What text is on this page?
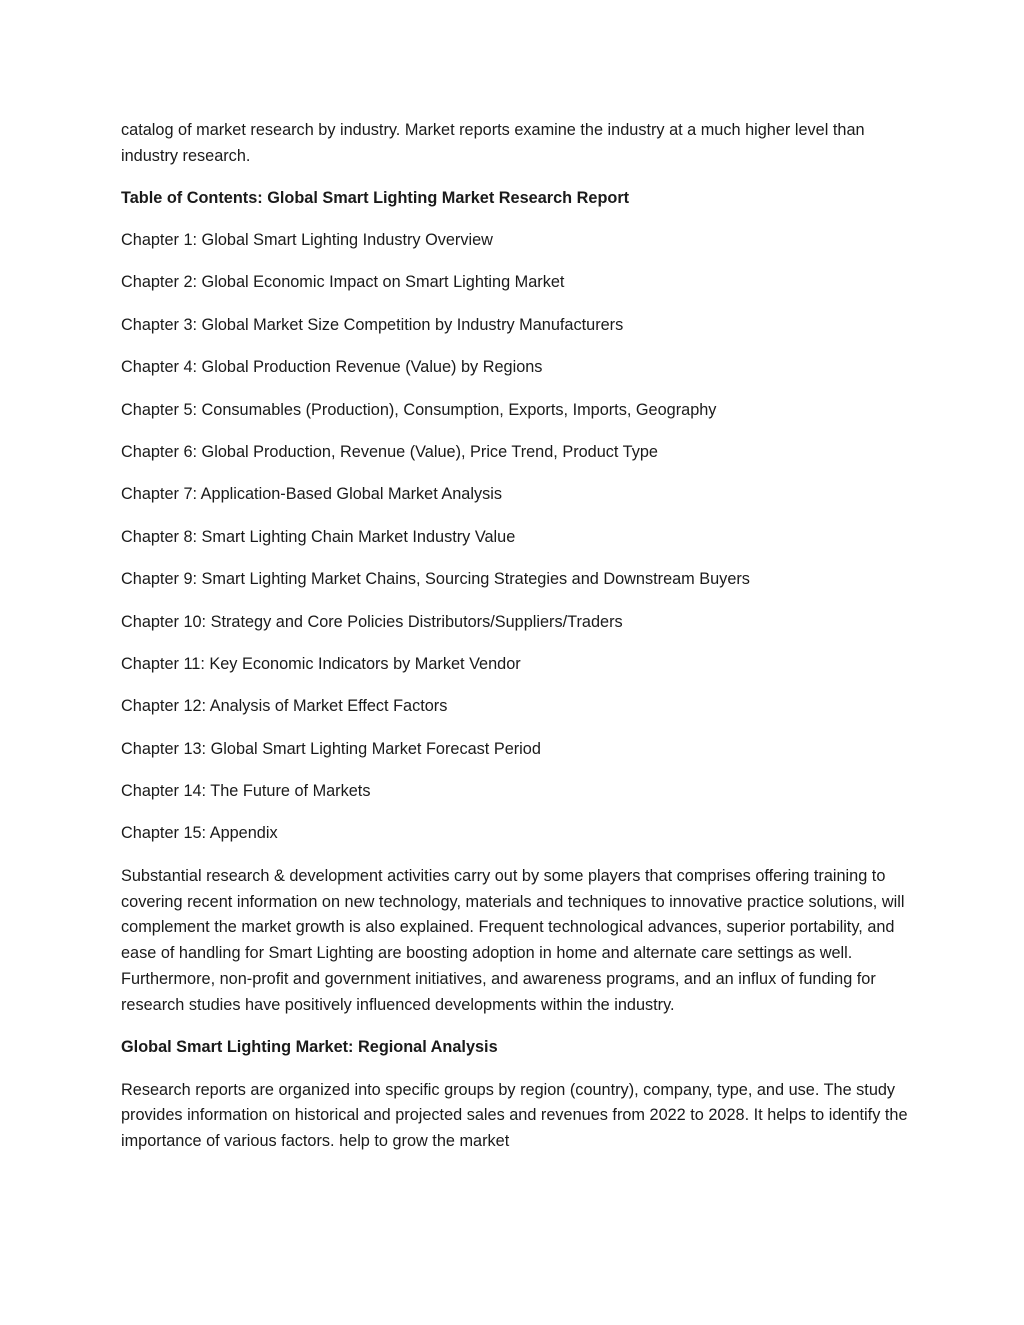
catalog of market research by industry. Market reports examine the industry at a much higher level than industry research.

Table of Contents: Global Smart Lighting Market Research Report

Chapter 1: Global Smart Lighting Industry Overview

Chapter 2: Global Economic Impact on Smart Lighting Market

Chapter 3: Global Market Size Competition by Industry Manufacturers

Chapter 4: Global Production Revenue (Value) by Regions

Chapter 5: Consumables (Production), Consumption, Exports, Imports, Geography

Chapter 6: Global Production, Revenue (Value), Price Trend, Product Type

Chapter 7: Application-Based Global Market Analysis

Chapter 8: Smart Lighting Chain Market Industry Value

Chapter 9: Smart Lighting Market Chains, Sourcing Strategies and Downstream Buyers

Chapter 10: Strategy and Core Policies Distributors/Suppliers/Traders

Chapter 11: Key Economic Indicators by Market Vendor

Chapter 12: Analysis of Market Effect Factors

Chapter 13: Global Smart Lighting Market Forecast Period

Chapter 14: The Future of Markets

Chapter 15: Appendix

Substantial research & development activities carry out by some players that comprises offering training to covering recent information on new technology, materials and techniques to innovative practice solutions, will complement the market growth is also explained. Frequent technological advances, superior portability, and ease of handling for Smart Lighting are boosting adoption in home and alternate care settings as well. Furthermore, non-profit and government initiatives, and awareness programs, and an influx of funding for research studies have positively influenced developments within the industry.

Global Smart Lighting Market: Regional Analysis

Research reports are organized into specific groups by region (country), company, type, and use. The study provides information on historical and projected sales and revenues from 2022 to 2028. It helps to identify the importance of various factors. help to grow the market
